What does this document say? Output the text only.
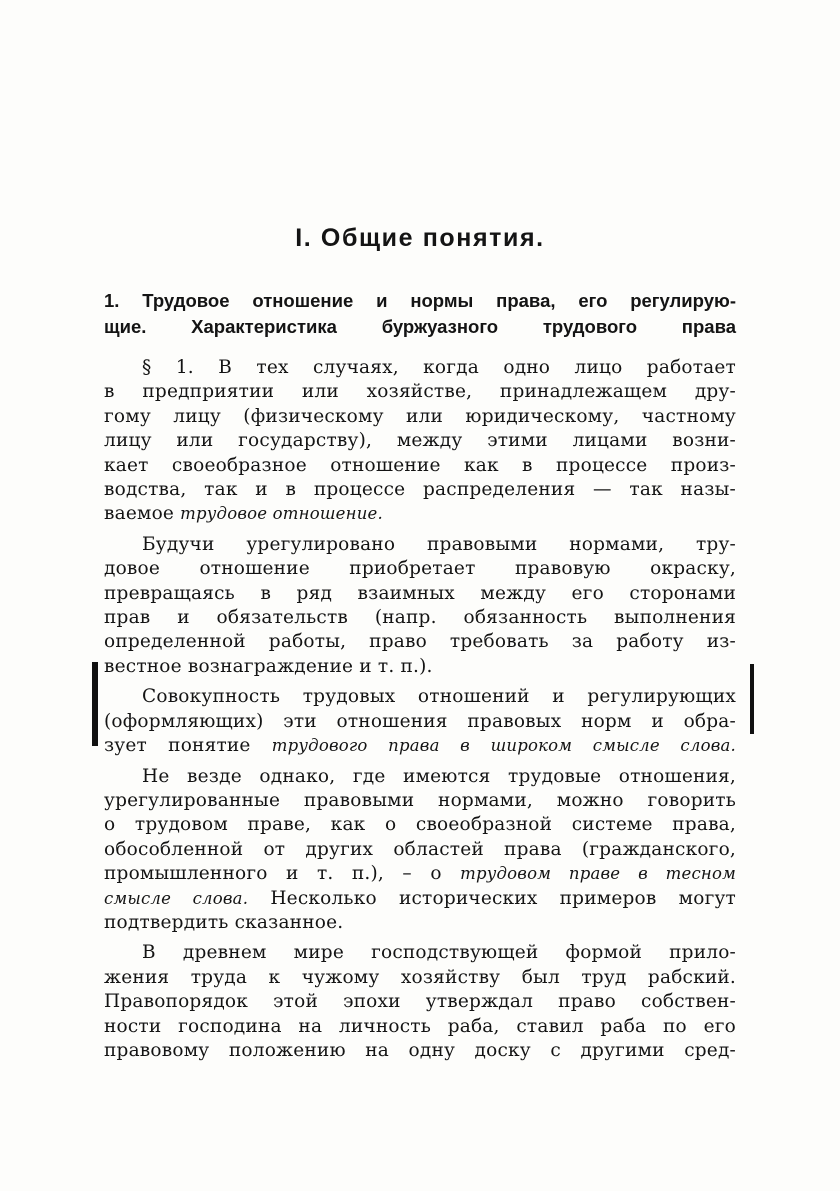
I. Общие понятия.
1. Трудовое отношение и нормы права, его регулирую-
щие.  Характеристика  буржуазного  трудового  права
§ 1. В тех случаях, когда одно лицо работает
в предприятии или хозяйстве, принадлежащем дру-
гому лицу (физическому или юридическому, частному
лицу или государству), между этими лицами возни-
кает своеобразное отношение как в процессе произ-
водства, так и в процессе распределения — так назы-
ваемое трудовое отношение.
Будучи урегулировано правовыми нормами, тру-
довое отношение приобретает правовую окраску,
превращаясь в ряд взаимных между его сторонами
прав и обязательств (напр. обязанность выполнения
определенной работы, право требовать за работу из-
вестное вознаграждение и т. п.).
Совокупность трудовых отношений и регулирующих
(оформляющих) эти отношения правовых норм и обра-
зует понятие трудового права в широком смысле слова.
Не везде однако, где имеются трудовые отношения,
урегулированные правовыми нормами, можно говорить
о трудовом праве, как о своеобразной системе права,
обособленной от других областей права (гражданского,
промышленного и т. п.), – о трудовом праве в тесном
смысле слова. Несколько исторических примеров могут
подтвердить сказанное.
В древнем мире господствующей формой прило-
жения труда к чужому хозяйству был труд рабский.
Правопорядок этой эпохи утверждал право собствен-
ности господина на личность раба, ставил раба по его
правовому положению на одну доску с другими сред-
